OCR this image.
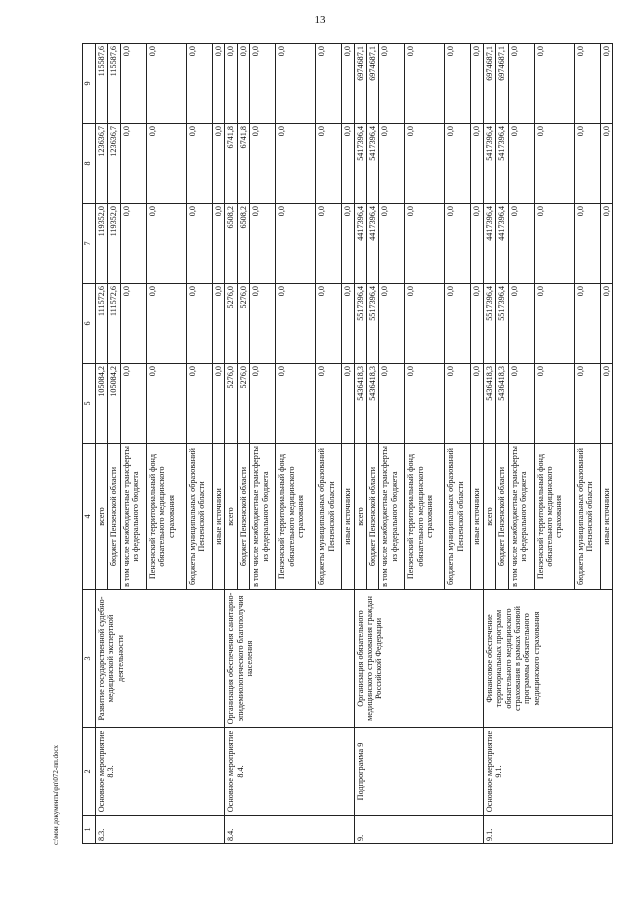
13
1	2	3	4	5	6	7	8	9
8.3.	Основное мероприятие 8.3.	Развитие государственной судебно- медицинской экспертной деятельности	всего	105084,2	111572,6	119352,0	123636,7	115587,6
			бюджет Пензенской области	105084,2	111572,6	119352,0	123636,7	115587,6
			в том числе межбюджетные трансферты из федерального бюджета	0,0	0,0	0,0	0,0	0,0
			Пензенский территориальный фонд обязательного медицинского страхования	0,0	0,0	0,0	0,0	0,0
			бюджеты муниципальных образований Пензенской области	0,0	0,0	0,0	0,0	0,0
			иные источники	0,0	0,0	0,0	0,0	0,0
8.4.	Основное мероприятие 8.4.	Организация обеспечения санитарно- эпидемиологического благополучия населения	всего	5276,0	5276,0	6508,2	6741,8	0,0
			бюджет Пензенской области	5276,0	5276,0	6508,2	6741,8	0,0
			в том числе межбюджетные трансферты из федерального бюджета	0,0	0,0	0,0	0,0	0,0
			Пензенский территориальный фонд обязательного медицинского страхования	0,0	0,0	0,0	0,0	0,0
			бюджеты муниципальных образований Пензенской области	0,0	0,0	0,0	0,0	0,0
			иные источники	0,0	0,0	0,0	0,0	0,0
9.	Подпрограмма 9	Организация обязательного медицинского страхования граждан Российской Федерации	всего	5436418,3	5517396,4	4417396,4	5417396,4	6974687,1
			бюджет Пензенской области	5436418,3	5517396,4	4417396,4	5417396,4	6974687,1
			в том числе межбюджетные трансферты из федерального бюджета	0,0	0,0	0,0	0,0	0,0
			Пензенский территориальный фонд обязательного медицинского страхования	0,0	0,0	0,0	0,0	0,0
			бюджеты муниципальных образований Пензенской области	0,0	0,0	0,0	0,0	0,0
			иные источники	0,0	0,0	0,0	0,0	0,0
9.1.	Основное мероприятие 9.1.	Финансовое обеспечение территориальных программ обязательного медицинского страхования в рамках базовой программы обязательного медицинского страхования	всего	5436418,3	5517396,4	4417396,4	5417396,4	6974687,1
			бюджет Пензенской области	5436418,3	5517396,4	4417396,4	5417396,4	6974687,1
			в том числе межбюджетные трансферты из федерального бюджета	0,0	0,0	0,0	0,0	0,0
			Пензенский территориальный фонд обязательного медицинского страхования	0,0	0,0	0,0	0,0	0,0
			бюджеты муниципальных образований Пензенской области	0,0	0,0	0,0	0,0	0,0
			иные источники	0,0	0,0	0,0	0,0	0,0
c:\мои документы\рп\072-пп.docx
